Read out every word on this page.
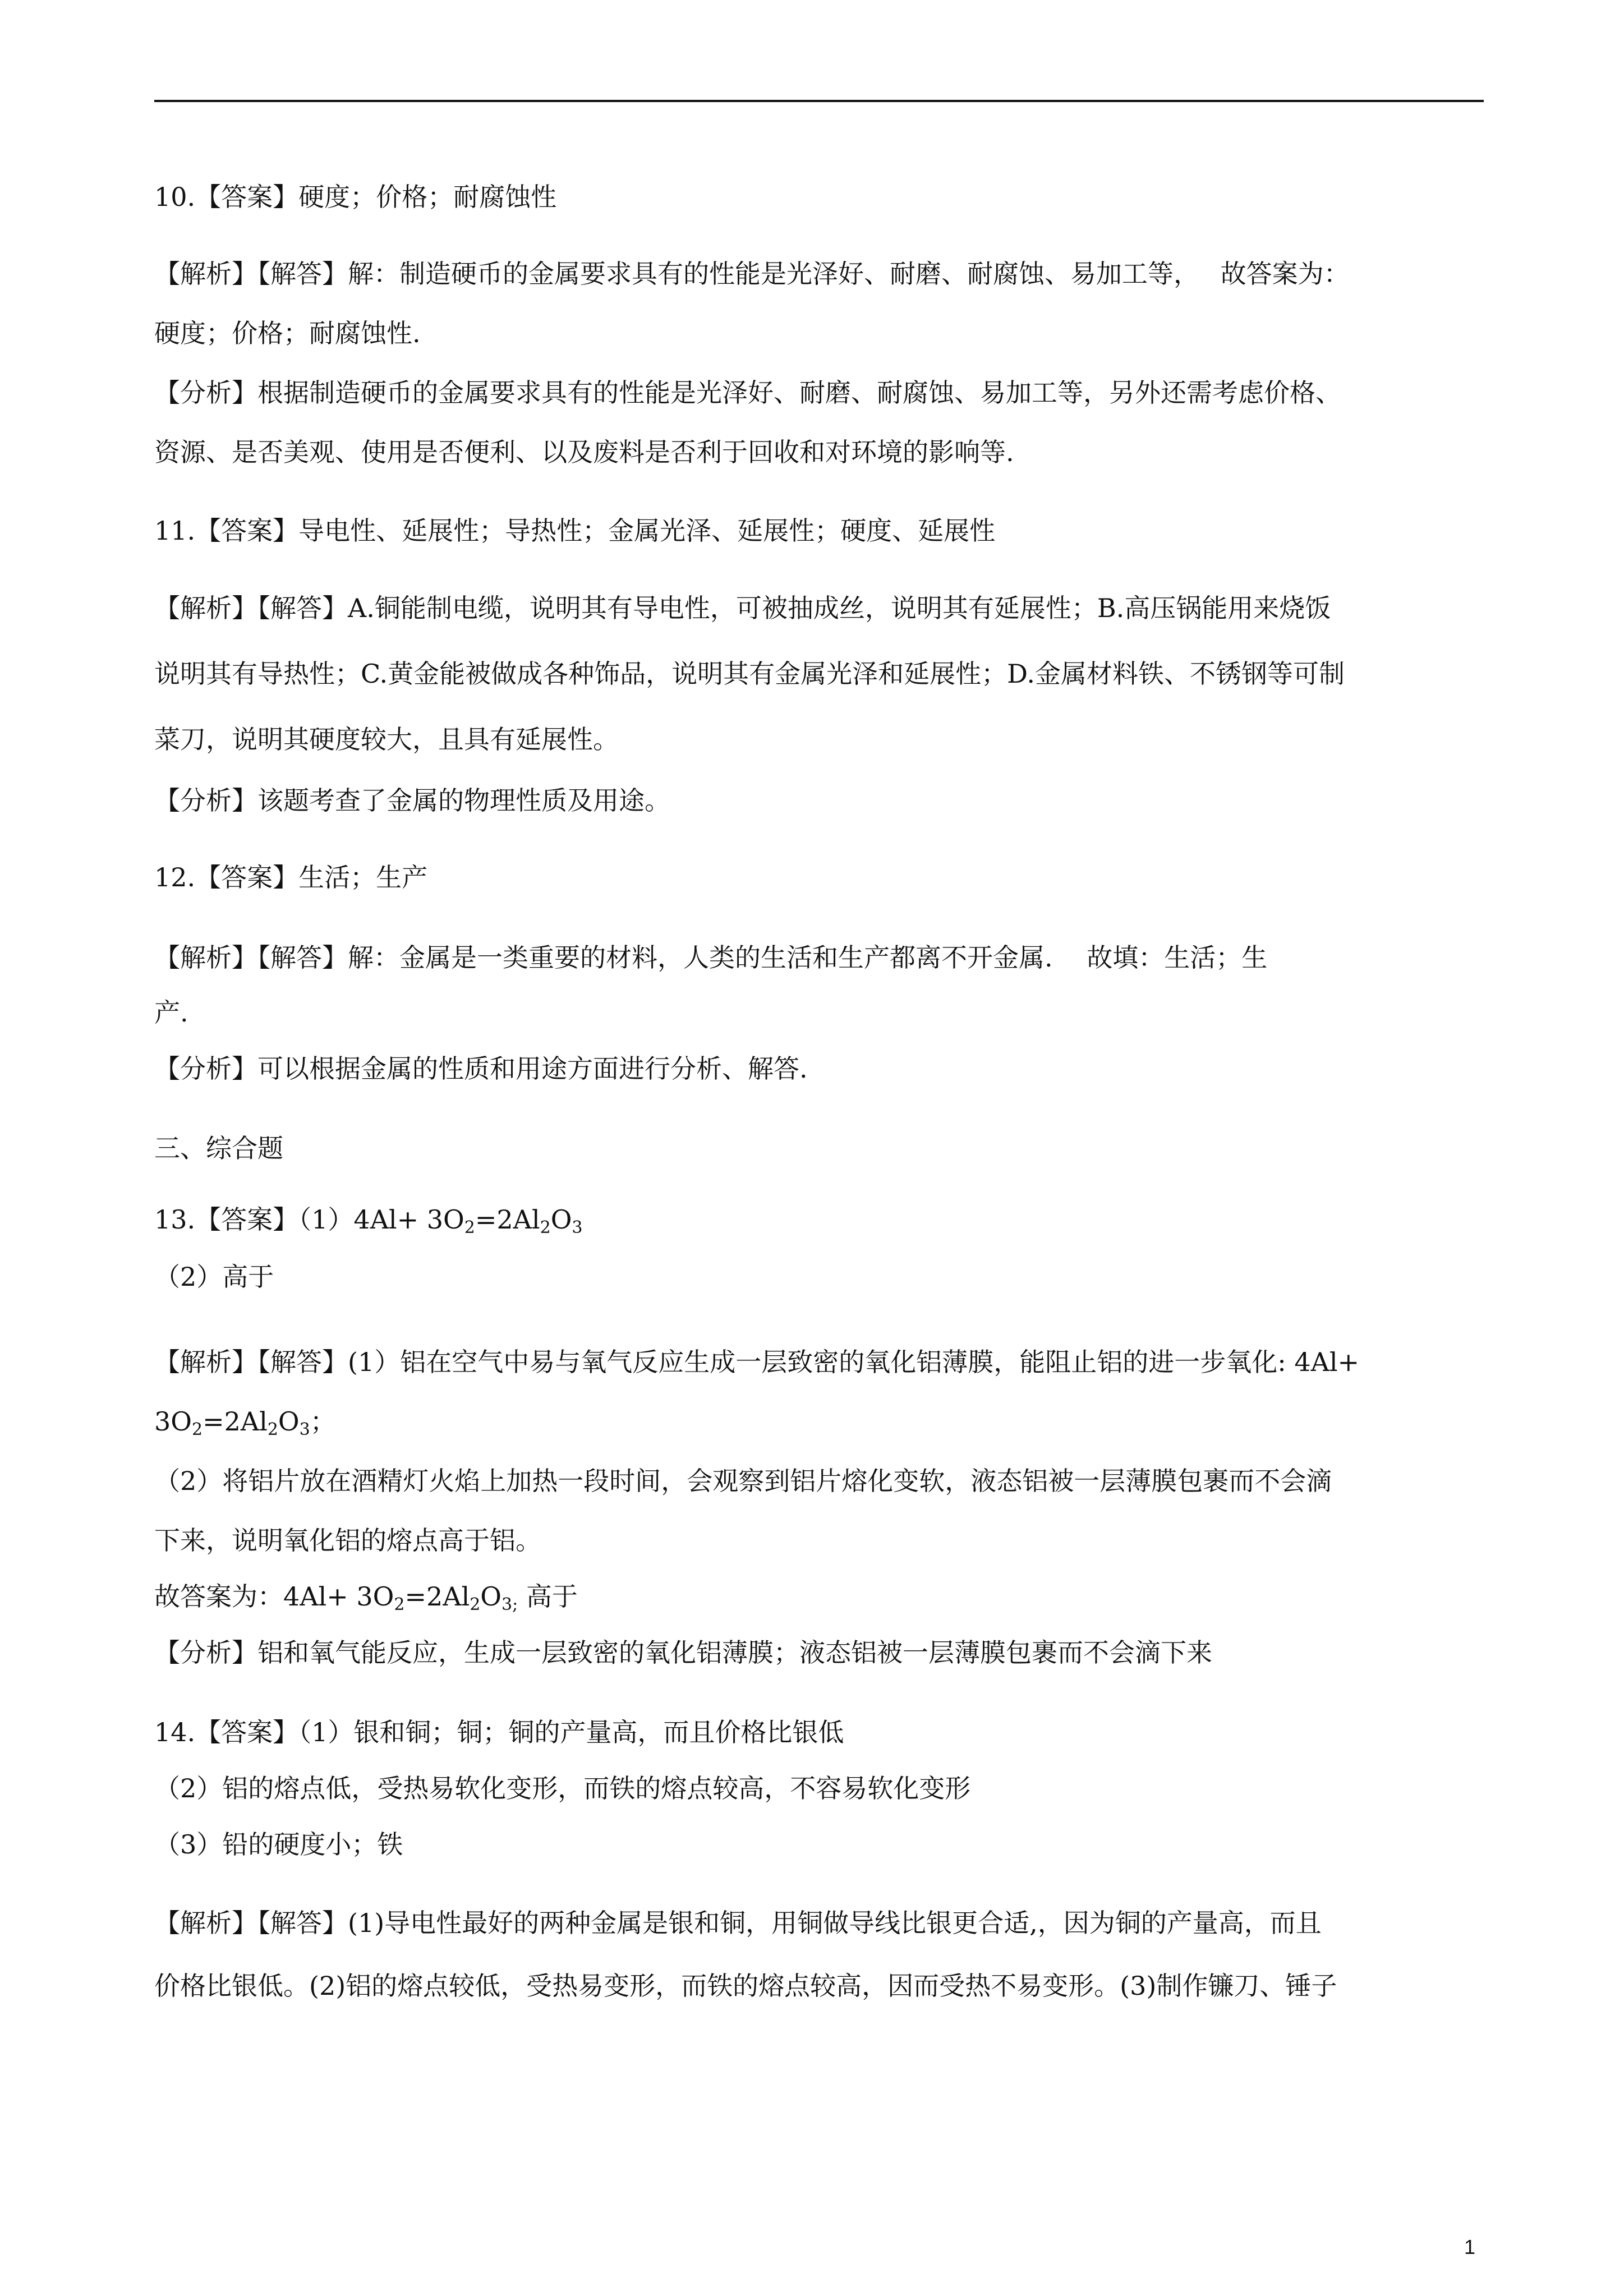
10.【答案】硬度；价格；耐腐蚀性
【解析】【解答】解：制造硬币的金属要求具有的性能是光泽好、耐磨、耐腐蚀、易加工等，　 故答案为：
硬度；价格；耐腐蚀性.
【分析】根据制造硬币的金属要求具有的性能是光泽好、耐磨、耐腐蚀、易加工等，另外还需考虑价格、
资源、是否美观、使用是否便利、以及废料是否利于回收和对环境的影响等.
11.【答案】导电性、延展性；导热性；金属光泽、延展性；硬度、延展性
【解析】【解答】A.铜能制电缆，说明其有导电性，可被抽成丝，说明其有延展性；B.高压锅能用来烧饭
说明其有导热性；C.黄金能被做成各种饰品，说明其有金属光泽和延展性；D.金属材料铁、不锈钢等可制
菜刀，说明其硬度较大，且具有延展性。
【分析】该题考查了金属的物理性质及用途。
12.【答案】生活；生产
【解析】【解答】解：金属是一类重要的材料，人类的生活和生产都离不开金属.　 故填：生活；生
产.
【分析】可以根据金属的性质和用途方面进行分析、解答.
三、综合题
13.【答案】$(1)4Al+ 3O_2=2Al_2O_3$
（2）高于
【解析】【解答】(1）铝在空气中易与氧气反应生成一层致密的氧化铝薄膜，能阻止铝的进一步氧化: 4Al+
$3O_2=2Al_2O_3$；
（2）将铝片放在酒精灯火焰上加热一段时间，会观察到铝片熔化变软，液态铝被一层薄膜包裹而不会滴
下来，说明氧化铝的熔点高于铝。
故答案为：$4Al+ 3O_2=2Al_2O_{3;}$ 高于
【分析】铝和氧气能反应，生成一层致密的氧化铝薄膜；液态铝被一层薄膜包裹而不会滴下来
14.【答案】（1）银和铜；铜；铜的产量高，而且价格比银低
（2）铝的熔点低，受热易软化变形，而铁的熔点较高，不容易软化变形
（3）铅的硬度小；铁
【解析】【解答】(1)导电性最好的两种金属是银和铜，用铜做导线比银更合适,，因为铜的产量高，而且
价格比银低。(2)铝的熔点较低，受热易变形，而铁的熔点较高，因而受热不易变形。(3)制作镰刀、锤子
1
